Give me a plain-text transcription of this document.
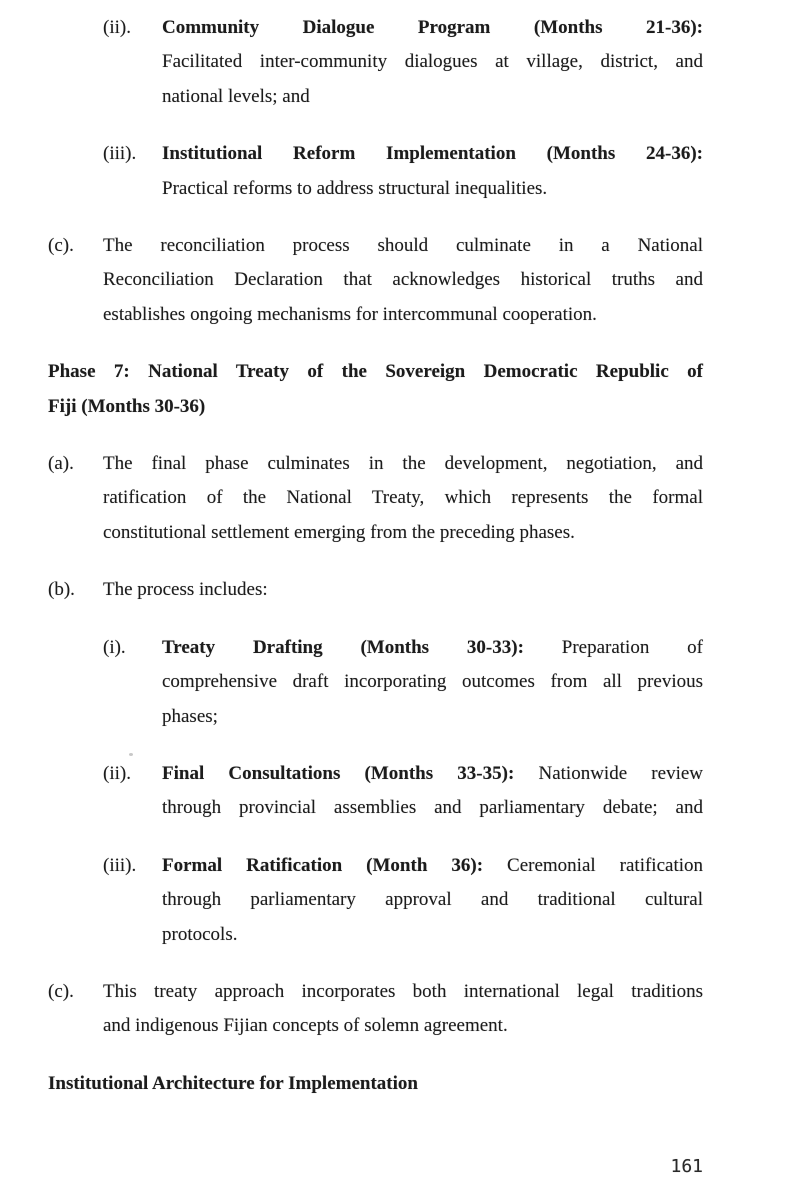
(ii).	Community Dialogue Program (Months 21-36):
Facilitated inter-community dialogues at village, district, and
national levels; and
(iii).	Institutional Reform Implementation (Months 24-36):
Practical reforms to address structural inequalities.
(c).	The reconciliation process should culminate in a National
Reconciliation Declaration that acknowledges historical truths and
establishes ongoing mechanisms for intercommunal cooperation.
Phase 7: National Treaty of the Sovereign Democratic Republic of
Fiji (Months 30-36)
(a).	The final phase culminates in the development, negotiation, and
ratification of the National Treaty, which represents the formal
constitutional settlement emerging from the preceding phases.
(b).	The process includes:
(i).	Treaty Drafting (Months 30-33): Preparation of
comprehensive draft incorporating outcomes from all previous
phases;
(ii).	Final Consultations (Months 33-35): Nationwide review
through provincial assemblies and parliamentary debate; and
(iii).	Formal Ratification (Month 36): Ceremonial ratification
through parliamentary approval and traditional cultural
protocols.
(c).	This treaty approach incorporates both international legal traditions
and indigenous Fijian concepts of solemn agreement.
Institutional Architecture for Implementation
161
